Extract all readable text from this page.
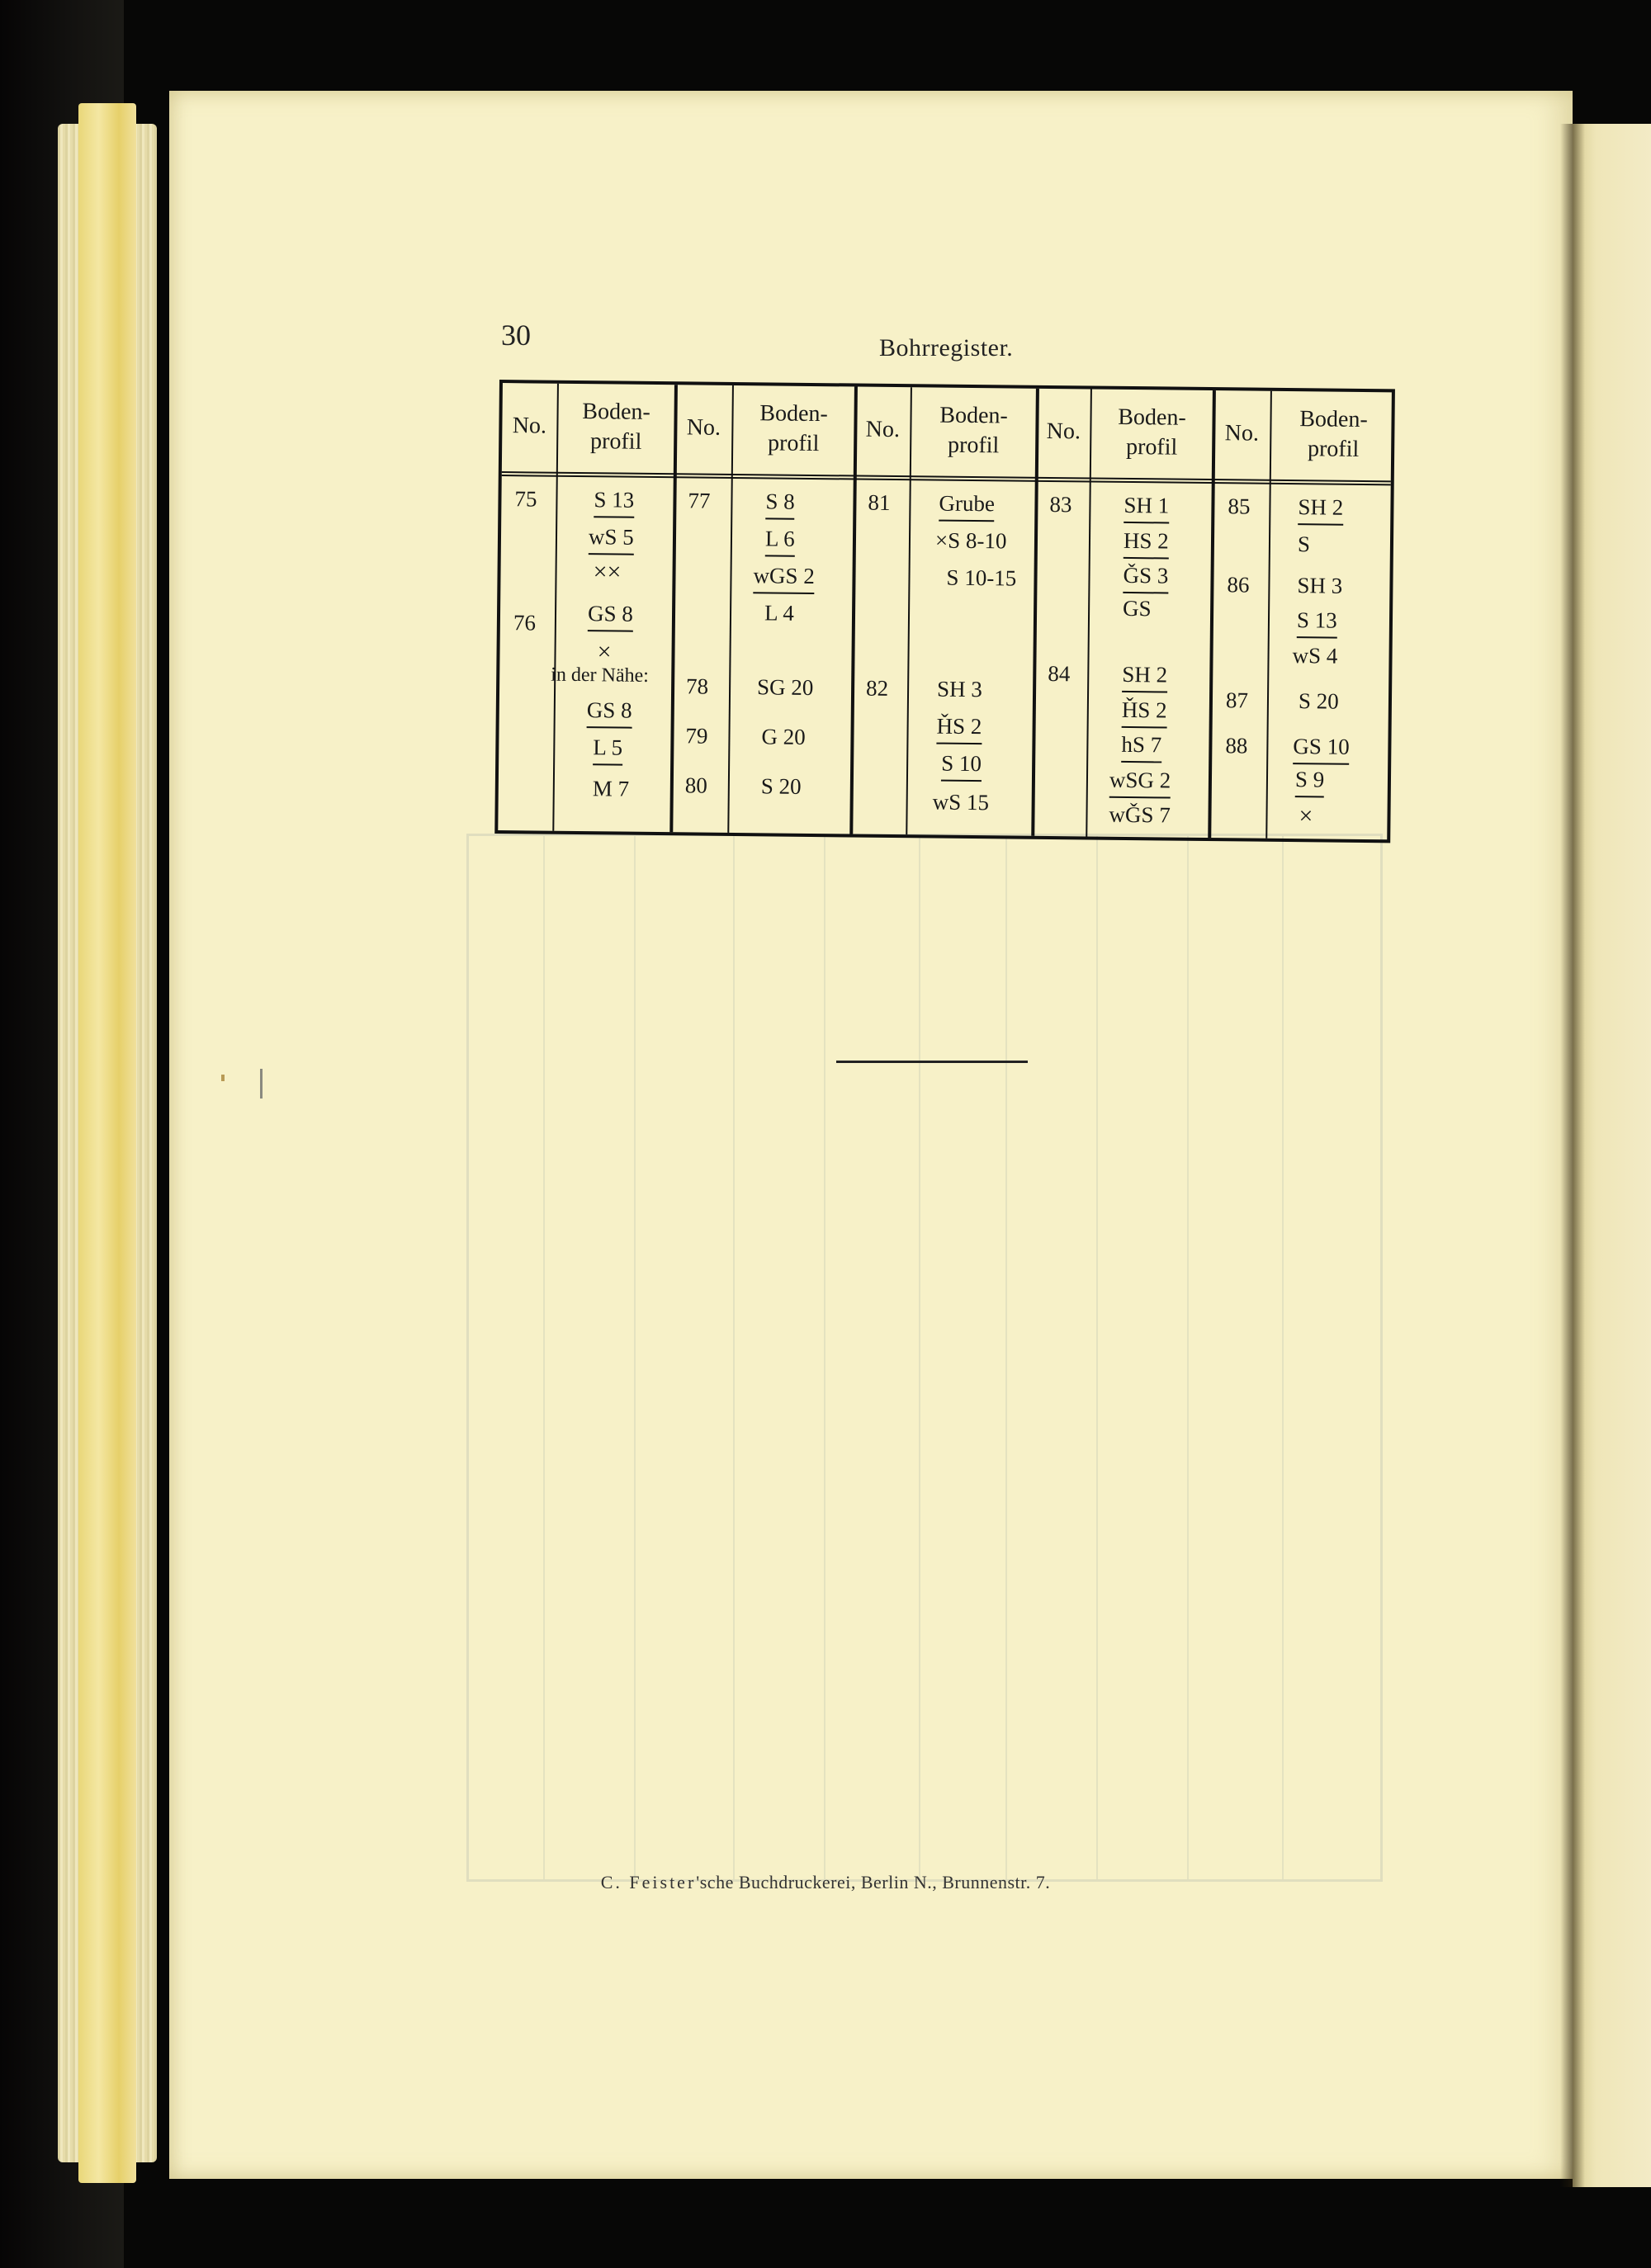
30	Bohrregister.
No.
Boden-
profil
No.
Boden-
profil
No.
Boden-
profil
No.
Boden-
profil
No.
Boden-
profil
75
76
S 13
wS 5
××
GS 8
×
in der Nähe:
GS 8
L 5
M 7
77
78
79
80
S 8
L 6
wGS 2
L 4
SG 20
G 20
S 20
81
82
Grube
×S 8-10
S 10-15
SH 3
ȞS 2
S 10
wS 15
83
84
SH 1
HS 2
ǦS 3
GS
SH 2
ȞS 2
hS 7
wSG 2
wǦS 7
85
86
87
88
SH 2
S
SH 3
S 13
wS 4
S 20
GS 10
S 9
×
C. Feister'sche Buchdruckerei, Berlin N., Brunnenstr. 7.
